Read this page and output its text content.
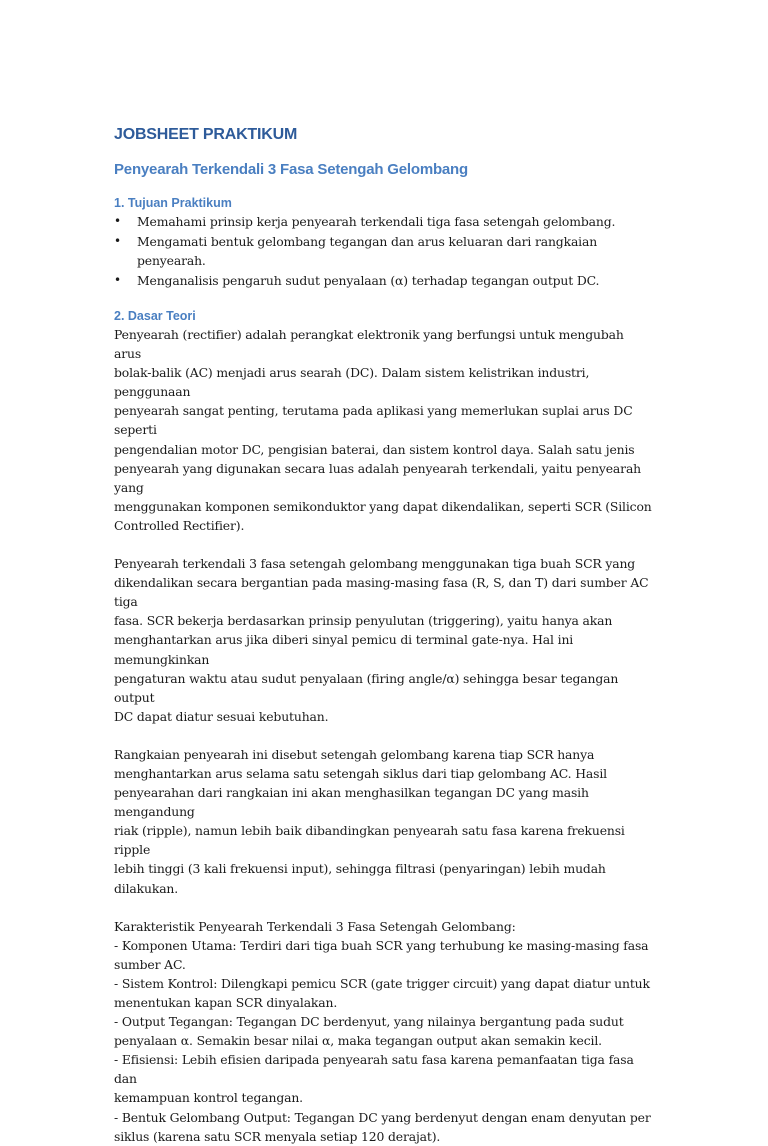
JOBSHEET PRAKTIKUM
Penyearah Terkendali 3 Fasa Setengah Gelombang
1. Tujuan Praktikum
• Memahami prinsip kerja penyearah terkendali tiga fasa setengah gelombang.
• Mengamati bentuk gelombang tegangan dan arus keluaran dari rangkaian penyearah.
• Menganalisis pengaruh sudut penyalaan (α) terhadap tegangan output DC.
2. Dasar Teori

Penyearah (rectifier) adalah perangkat elektronik yang berfungsi untuk mengubah arus
bolak-balik (AC) menjadi arus searah (DC). Dalam sistem kelistrikan industri, penggunaan
penyearah sangat penting, terutama pada aplikasi yang memerlukan suplai arus DC seperti
pengendalian motor DC, pengisian baterai, dan sistem kontrol daya. Salah satu jenis
penyearah yang digunakan secara luas adalah penyearah terkendali, yaitu penyearah yang
menggunakan komponen semikonduktor yang dapat dikendalikan, seperti SCR (Silicon
Controlled Rectifier).

Penyearah terkendali 3 fasa setengah gelombang menggunakan tiga buah SCR yang
dikendalikan secara bergantian pada masing-masing fasa (R, S, dan T) dari sumber AC tiga
fasa. SCR bekerja berdasarkan prinsip penyulutan (triggering), yaitu hanya akan
menghantarkan arus jika diberi sinyal pemicu di terminal gate-nya. Hal ini memungkinkan
pengaturan waktu atau sudut penyalaan (firing angle/α) sehingga besar tegangan output
DC dapat diatur sesuai kebutuhan.

Rangkaian penyearah ini disebut setengah gelombang karena tiap SCR hanya
menghantarkan arus selama satu setengah siklus dari tiap gelombang AC. Hasil
penyearahan dari rangkaian ini akan menghasilkan tegangan DC yang masih mengandung
riak (ripple), namun lebih baik dibandingkan penyearah satu fasa karena frekuensi ripple
lebih tinggi (3 kali frekuensi input), sehingga filtrasi (penyaringan) lebih mudah dilakukan.

Karakteristik Penyearah Terkendali 3 Fasa Setengah Gelombang:

- Komponen Utama: Terdiri dari tiga buah SCR yang terhubung ke masing-masing fasa
sumber AC.

- Sistem Kontrol: Dilengkapi pemicu SCR (gate trigger circuit) yang dapat diatur untuk
menentukan kapan SCR dinyalakan.

- Output Tegangan: Tegangan DC berdenyut, yang nilainya bergantung pada sudut
penyalaan α. Semakin besar nilai α, maka tegangan output akan semakin kecil.

- Efisiensi: Lebih efisien daripada penyearah satu fasa karena pemanfaatan tiga fasa dan
kemampuan kontrol tegangan.

- Bentuk Gelombang Output: Tegangan DC yang berdenyut dengan enam denyutan per
siklus (karena satu SCR menyala setiap 120 derajat).
